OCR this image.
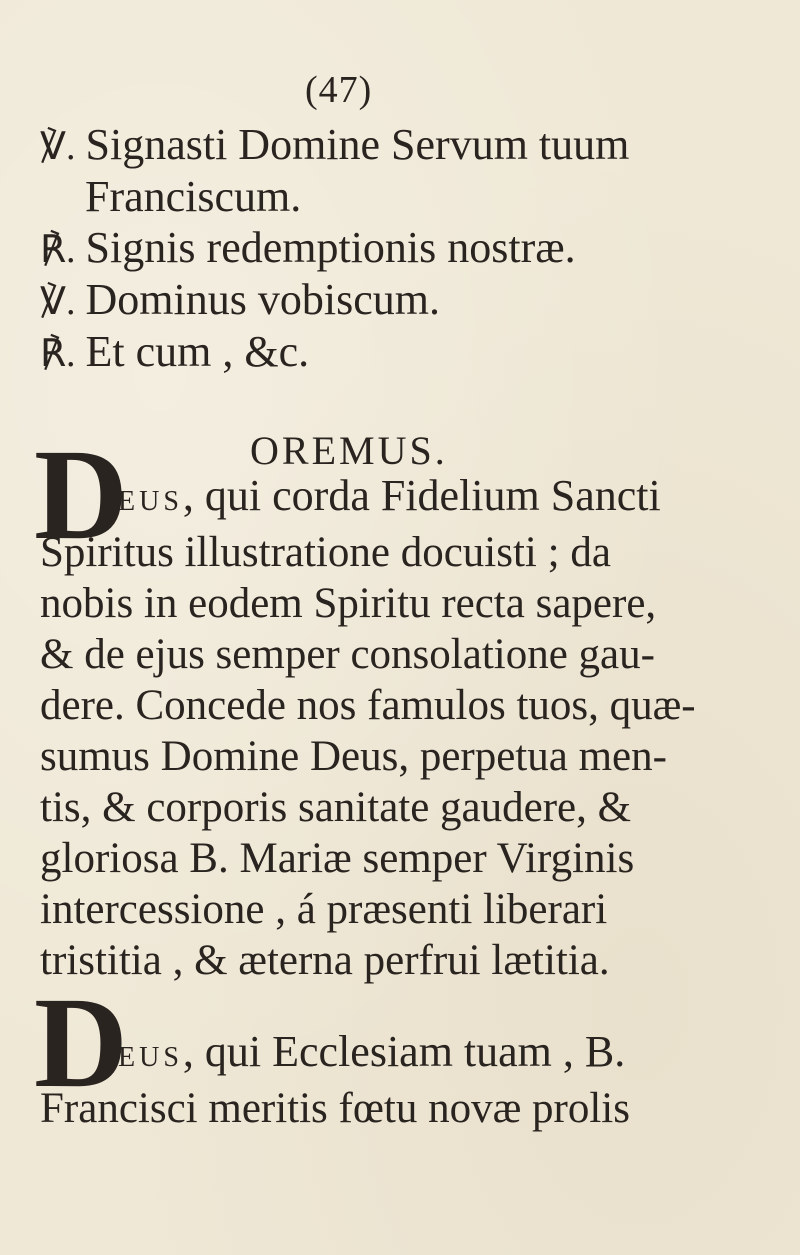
(47)
℣. Signasti Domine Servum tuum
Franciscum.
℟. Signis redemptionis nostræ.
℣. Dominus vobiscum.
℟. Et cum , &c.
OREMUS.
D
EUS, qui corda Fidelium Sancti
Spiritus illustratione docuisti ; da
nobis in eodem Spiritu recta sapere,
& de ejus semper consolatione gau-
dere. Concede nos famulos tuos, quæ-
sumus Domine Deus, perpetua men-
tis, & corporis sanitate gaudere, &
gloriosa B. Mariæ semper Virginis
intercessione , á præsenti liberari
tristitia , & æterna perfrui lætitia.
D
EUS, qui Ecclesiam tuam , B.
Francisci meritis fœtu novæ prolis
